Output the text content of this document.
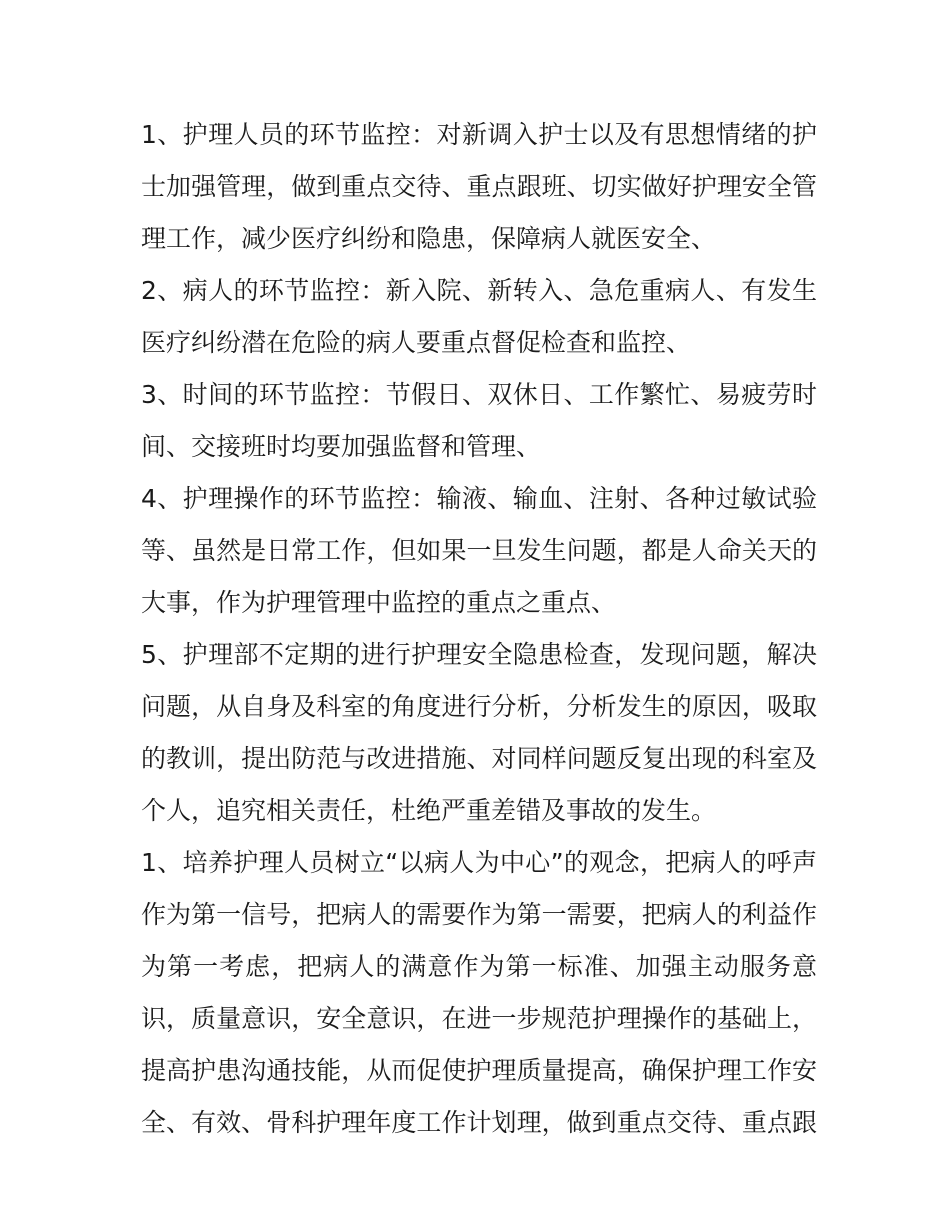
1、护理人员的环节监控：对新调入护士以及有思想情绪的护
士加强管理，做到重点交待、重点跟班、切实做好护理安全管
理工作，减少医疗纠纷和隐患，保障病人就医安全、
2、病人的环节监控：新入院、新转入、急危重病人、有发生
医疗纠纷潜在危险的病人要重点督促检查和监控、
3、时间的环节监控：节假日、双休日、工作繁忙、易疲劳时
间、交接班时均要加强监督和管理、
4、护理操作的环节监控：输液、输血、注射、各种过敏试验
等、虽然是日常工作，但如果一旦发生问题，都是人命关天的
大事，作为护理管理中监控的重点之重点、
5、护理部不定期的进行护理安全隐患检查，发现问题，解决
问题，从自身及科室的角度进行分析，分析发生的原因，吸取
的教训，提出防范与改进措施、对同样问题反复出现的科室及
个人，追究相关责任，杜绝严重差错及事故的发生。
1、培养护理人员树立“以病人为中心”的观念，把病人的呼声
作为第一信号，把病人的需要作为第一需要，把病人的利益作
为第一考虑，把病人的满意作为第一标准、加强主动服务意
识，质量意识，安全意识，在进一步规范护理操作的基础上，
提高护患沟通技能，从而促使护理质量提高，确保护理工作安
全、有效、骨科护理年度工作计划理，做到重点交待、重点跟
